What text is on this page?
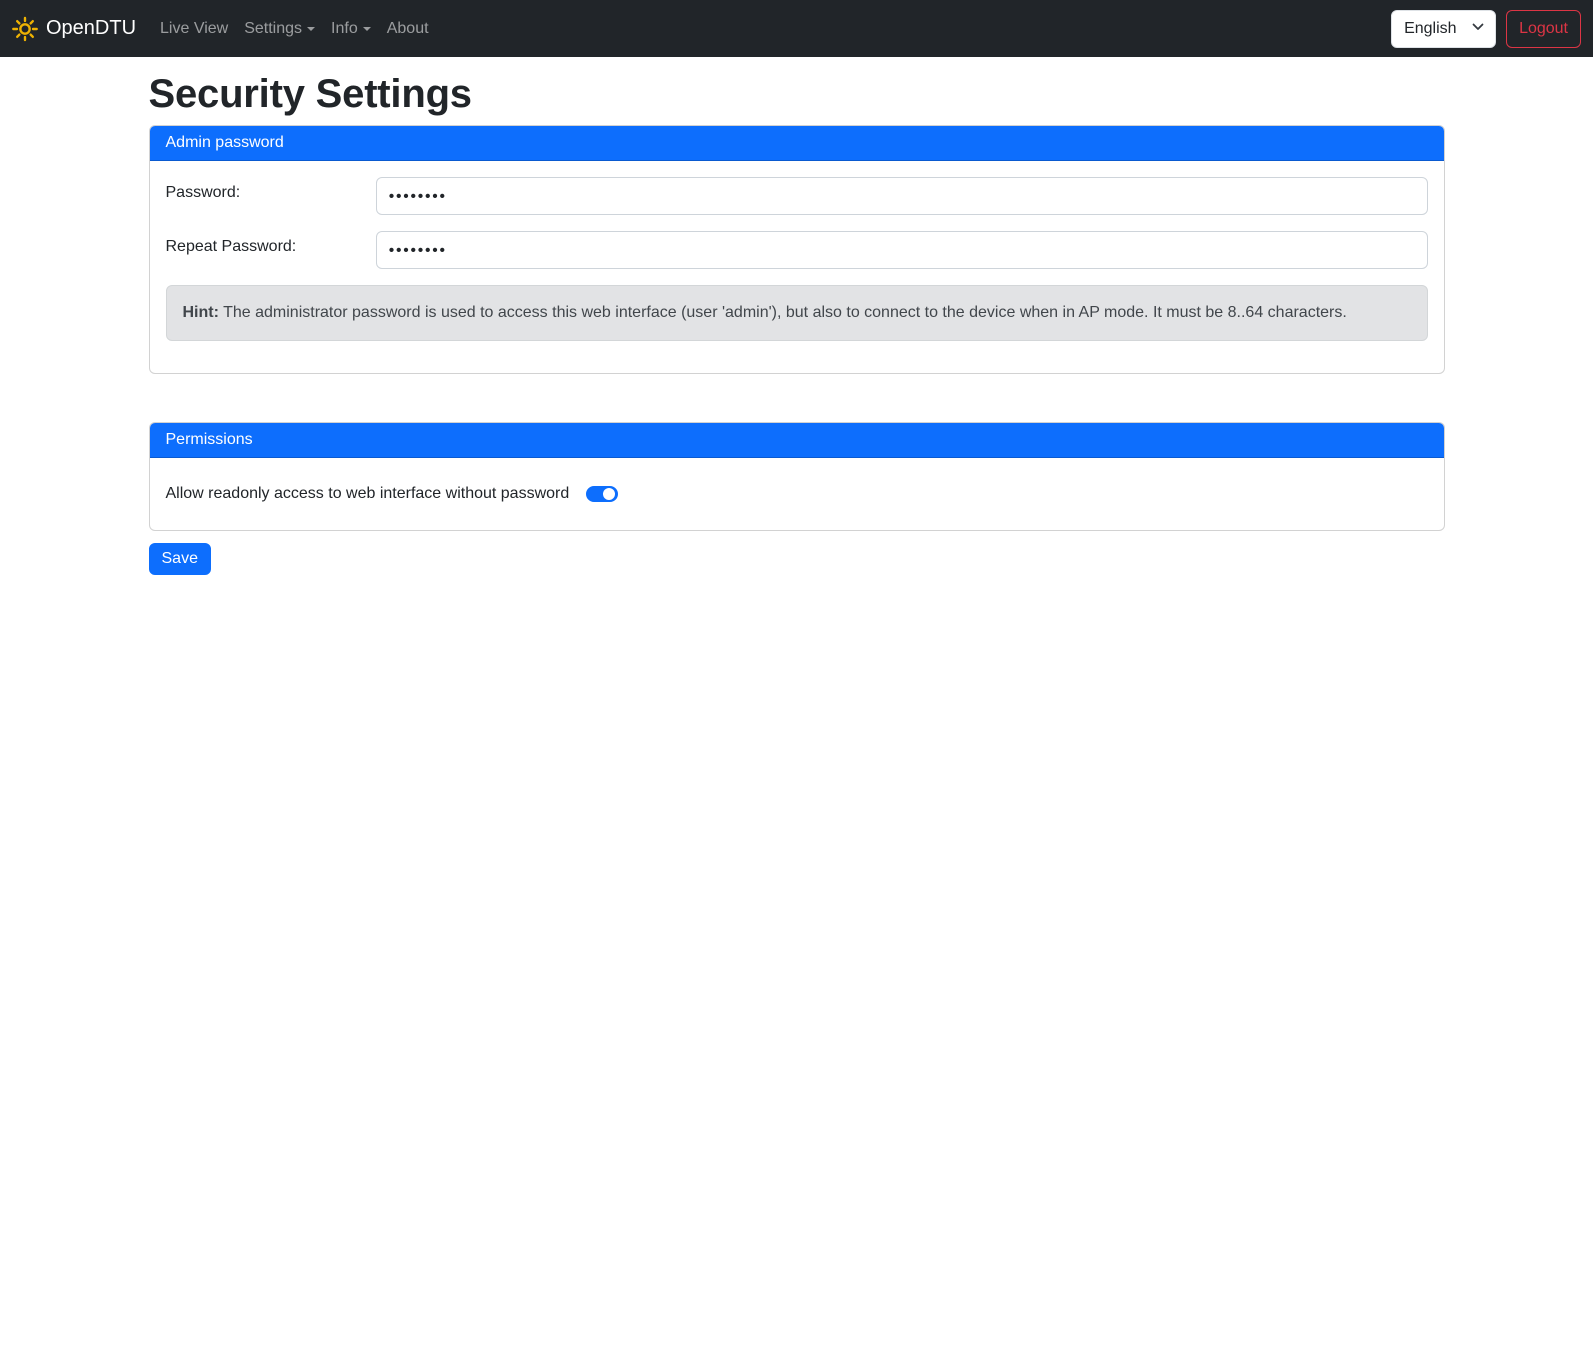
OpenDTU Live View Settings Info About
English	Logout
Security Settings
Admin password
Password:
••••••••
Repeat Password:
••••••••
Hint: The administrator password is used to access this web interface (user 'admin'), but also to connect to the device when in AP mode. It must be 8..64 characters.
Permissions
Allow readonly access to web interface without password
Save
